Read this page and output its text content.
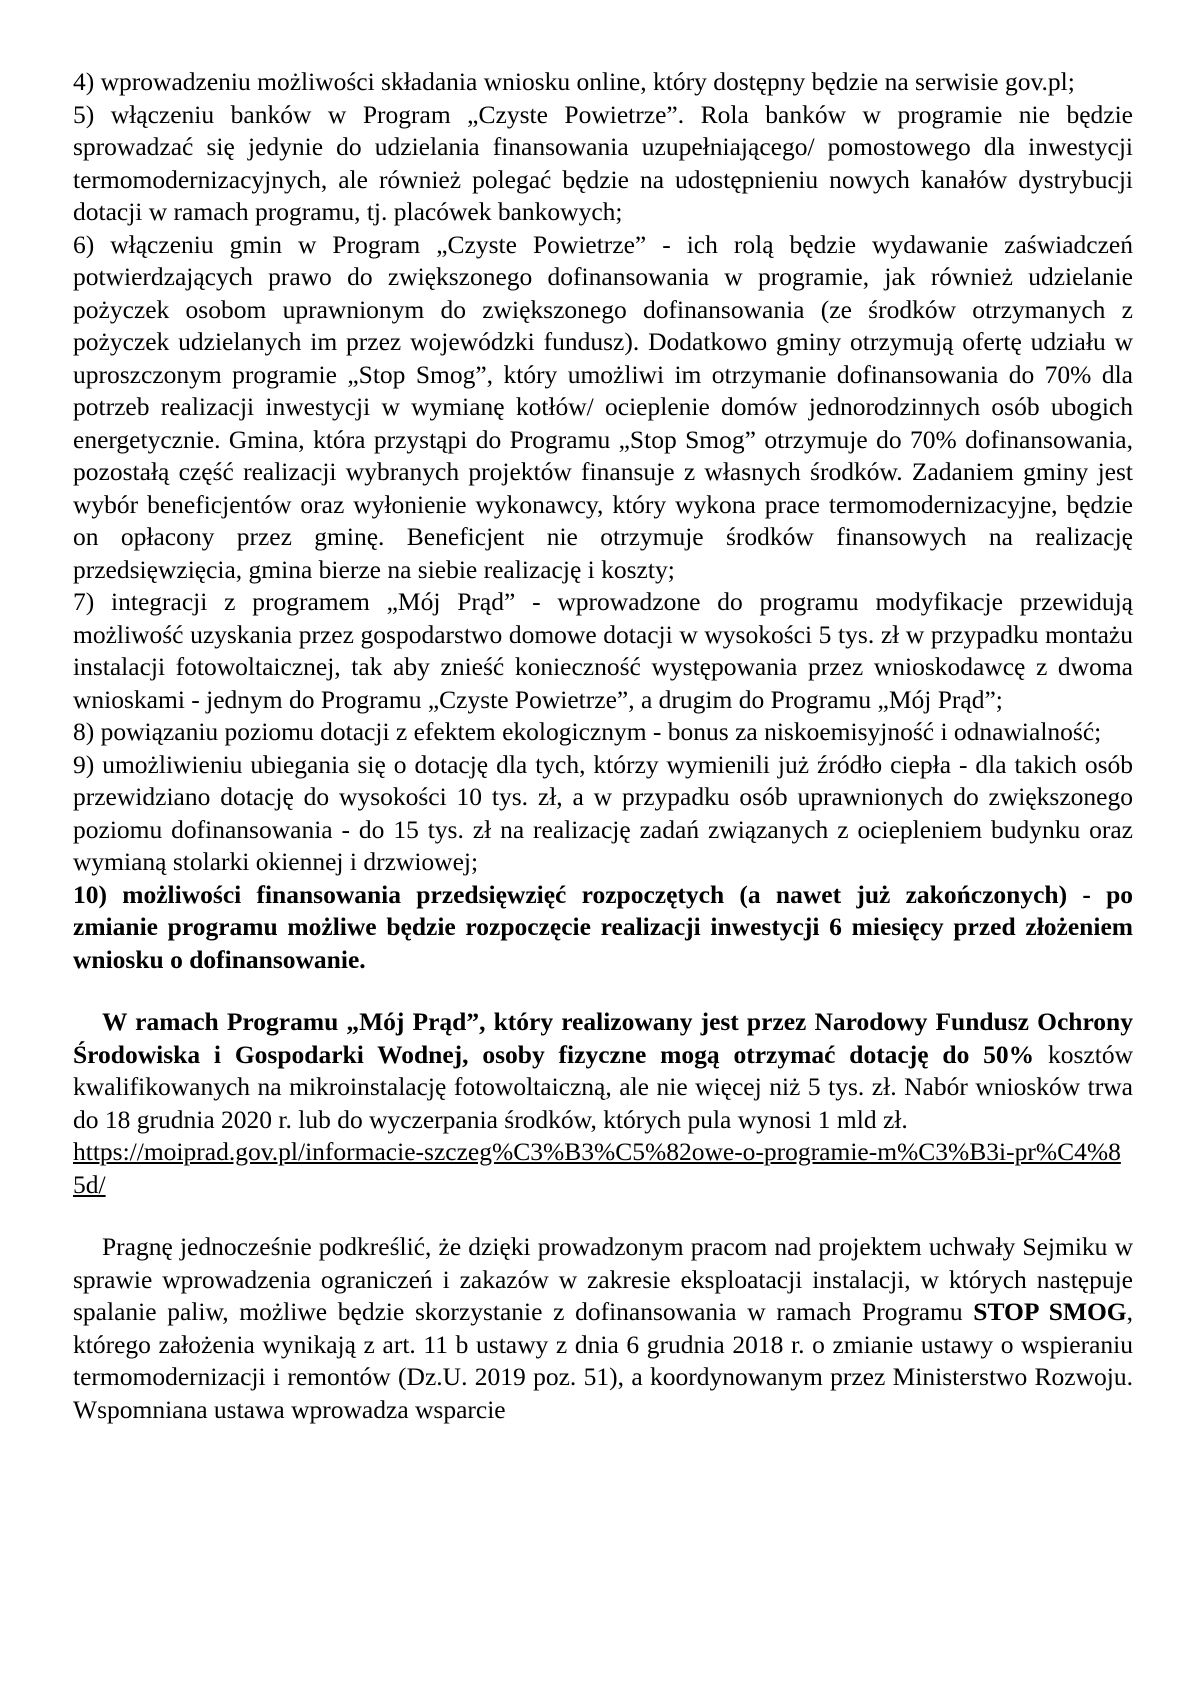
4) wprowadzeniu możliwości składania wniosku online, który dostępny będzie na serwisie gov.pl;

5) włączeniu banków w Program „Czyste Powietrze”. Rola banków w programie nie będzie sprowadzać się jedynie do udzielania finansowania uzupełniającego/ pomostowego dla inwestycji termomodernizacyjnych, ale również polegać będzie na udostępnieniu nowych kanałów dystrybucji dotacji w ramach programu, tj. placówek bankowych;

6) włączeniu gmin w Program „Czyste Powietrze” - ich rolą będzie wydawanie zaświadczeń potwierdzających prawo do zwiększonego dofinansowania w programie, jak również udzielanie pożyczek osobom uprawnionym do zwiększonego dofinansowania (ze środków otrzymanych z pożyczek udzielanych im przez wojewódzki fundusz). Dodatkowo gminy otrzymują ofertę udziału w uproszczonym programie „Stop Smog”, który umożliwi im otrzymanie dofinansowania do 70% dla potrzeb realizacji inwestycji w wymianę kotłów/ ocieplenie domów jednorodzinnych osób ubogich energetycznie. Gmina, która przystąpi do Programu „Stop Smog” otrzymuje do 70% dofinansowania, pozostałą część realizacji wybranych projektów finansuje z własnych środków. Zadaniem gminy jest wybór beneficjentów oraz wyłonienie wykonawcy, który wykona prace termomodernizacyjne, będzie on opłacony przez gminę. Beneficjent nie otrzymuje środków finansowych na realizację przedsięwzięcia, gmina bierze na siebie realizację i koszty;

7) integracji z programem „Mój Prąd” - wprowadzone do programu modyfikacje przewidują możliwość uzyskania przez gospodarstwo domowe dotacji w wysokości 5 tys. zł w przypadku montażu instalacji fotowoltaicznej, tak aby znieść konieczność występowania przez wnioskodawcę z dwoma wnioskami - jednym do Programu „Czyste Powietrze”, a drugim do Programu „Mój Prąd”;

8) powiązaniu poziomu dotacji z efektem ekologicznym - bonus za niskoemisyjność i odnawialność;

9) umożliwieniu ubiegania się o dotację dla tych, którzy wymienili już źródło ciepła - dla takich osób przewidziano dotację do wysokości 10 tys. zł, a w przypadku osób uprawnionych do zwiększonego poziomu dofinansowania - do 15 tys. zł na realizację zadań związanych z ociepleniem budynku oraz wymianą stolarki okiennej i drzwiowej;

10) możliwości finansowania przedsięwzięć rozpoczętych (a nawet już zakończonych) - po zmianie programu możliwe będzie rozpoczęcie realizacji inwestycji 6 miesięcy przed złożeniem wniosku o dofinansowanie.

W ramach Programu „Mój Prąd”, który realizowany jest przez Narodowy Fundusz Ochrony Środowiska i Gospodarki Wodnej, osoby fizyczne mogą otrzymać dotację do 50% kosztów kwalifikowanych na mikroinstalację fotowoltaiczną, ale nie więcej niż 5 tys. zł. Nabór wniosków trwa do 18 grudnia 2020 r. lub do wyczerpania środków, których pula wynosi 1 mld zł.

https://moiprad.gov.pl/informacie-szczeg%C3%B3%C5%82owe-o-programie-m%C3%B3i-pr%C4%85d/

Pragnę jednocześnie podkreślić, że dzięki prowadzonym pracom nad projektem uchwały Sejmiku w sprawie wprowadzenia ograniczeń i zakazów w zakresie eksploatacji instalacji, w których następuje spalanie paliw, możliwe będzie skorzystanie z dofinansowania w ramach Programu STOP SMOG, którego założenia wynikają z art. 11 b ustawy z dnia 6 grudnia 2018 r. o zmianie ustawy o wspieraniu termomodernizacji i remontów (Dz.U. 2019 poz. 51), a koordynowanym przez Ministerstwo Rozwoju. Wspomniana ustawa wprowadza wsparcie
